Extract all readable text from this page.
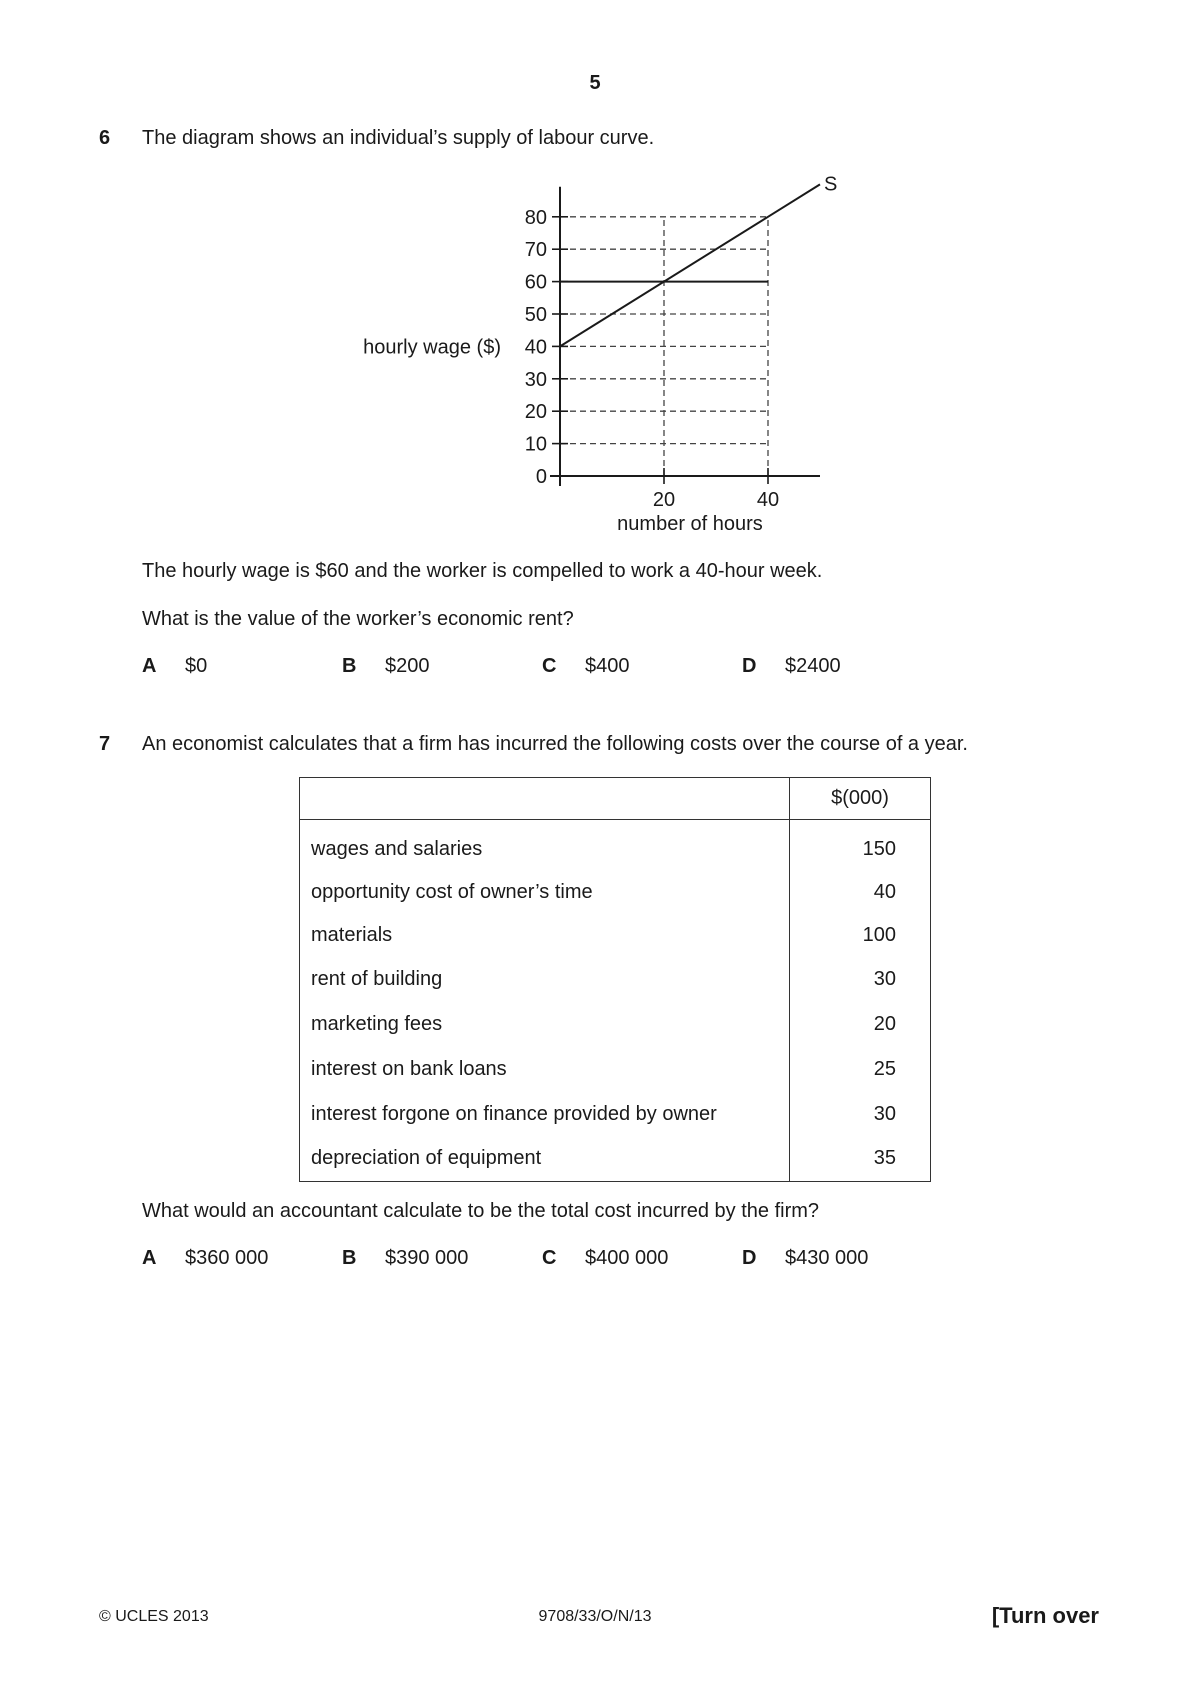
5
6 The diagram shows an individual’s supply of labour curve.
0
10
20
30
40
50
60
70
80
20	40
hourly wage ($)
number of hours
S
The hourly wage is $60 and the worker is compelled to work a 40-hour week.
What is the value of the worker’s economic rent?
A $0	B $200	C $400	D $2400
7 An economist calculates that a firm has incurred the following costs over the course of a year.
	$(000)
wages and salaries	150
opportunity cost of owner’s time	40
materials	100
rent of building	30
marketing fees	20
interest on bank loans	25
interest forgone on finance provided by owner	30
depreciation of equipment	35
What would an accountant calculate to be the total cost incurred by the firm?
A $360 000	B $390 000	C $400 000	D $430 000
© UCLES 2013	9708/33/O/N/13	[Turn over
